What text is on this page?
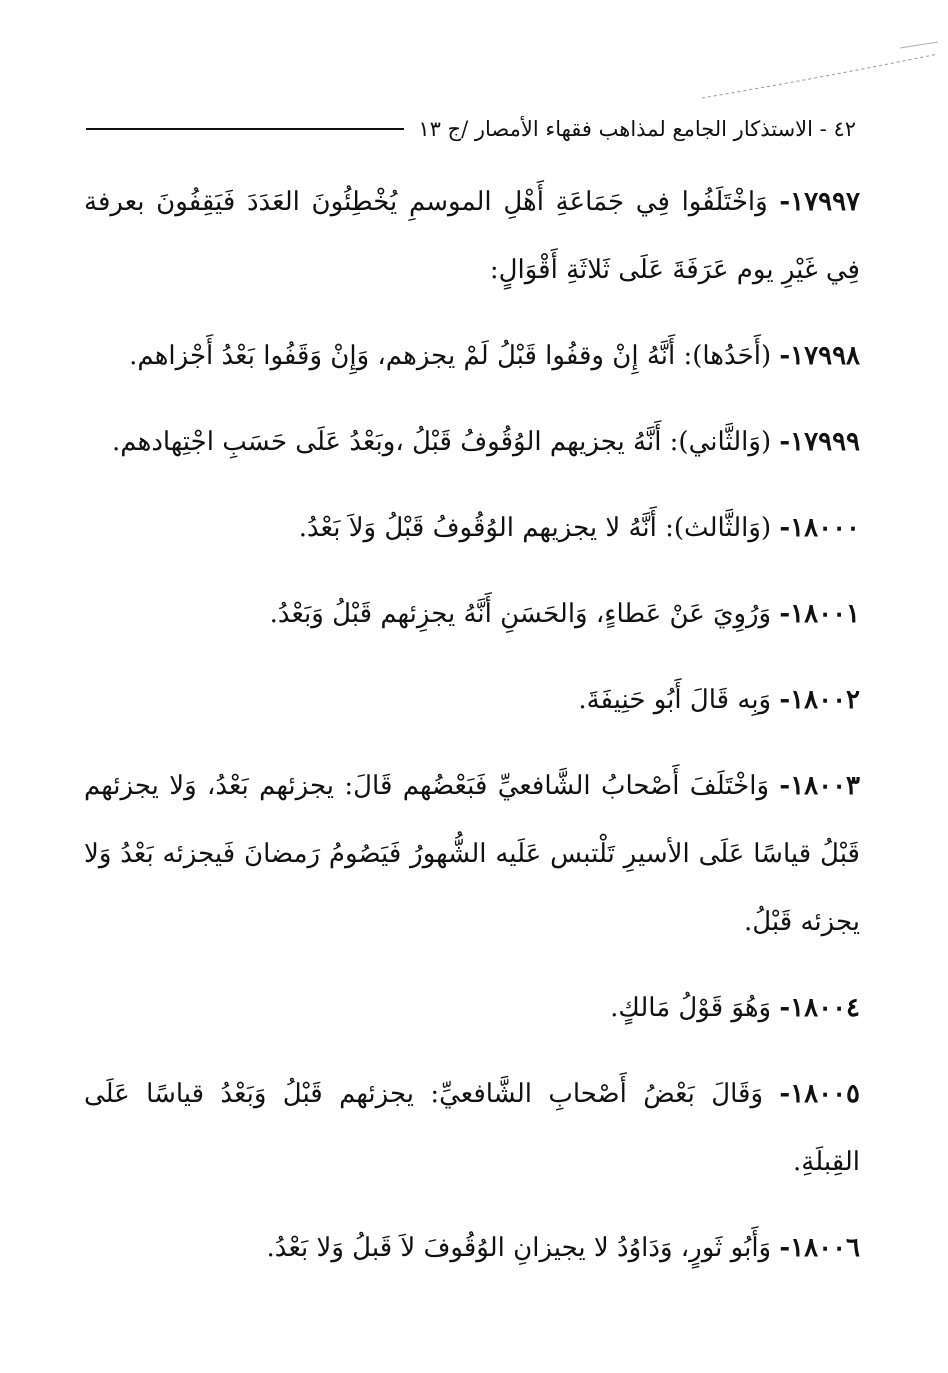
٤٢ - الاستذكار الجامع لمذاهب فقهاء الأمصار /ج ١٣

١٧٩٩٧- وَاخْتَلَفُوا فِي جَمَاعَةِ أَهْلِ الموسمِ يُخْطِئُونَ العَدَدَ فَيَقِفُونَ بعرفة فِي غَيْرِ يوم عَرَفَةَ عَلَى ثَلاثَةِ أَقْوَالٍ:

١٧٩٩٨- (أَحَدُها): أَنَّهُ إِنْ وقفُوا قَبْلُ لَمْ يجزهم، وَإِنْ وَقَفُوا بَعْدُ أَجْزاهم.

١٧٩٩٩- (وَالثَّاني): أَنَّهُ يجزيهم الوُقُوفُ قَبْلُ ،وبَعْدُ عَلَى حَسَبِ اجْتِهادهم.

١٨٠٠٠- (وَالثَّالث): أَنَّهُ لا يجزيهم الوُقُوفُ قَبْلُ وَلاَ بَعْدُ.

١٨٠٠١- وَرُوِيَ عَنْ عَطاءٍ، وَالحَسَنِ أَنَّهُ يجزِئهم قَبْلُ وَبَعْدُ.

١٨٠٠٢- وَبِه قَالَ أَبُو حَنِيفَةَ.

١٨٠٠٣- وَاخْتَلَفَ أَصْحابُ الشَّافعيِّ فَبَعْضُهم قَالَ: يجزئهم بَعْدُ، وَلا يجزئهم قَبْلُ قياسًا عَلَى الأسيرِ تَلْتبس عَلَيه الشُّهورُ فَيَصُومُ رَمضانَ فَيجزئه بَعْدُ وَلا يجزئه قَبْلُ.

١٨٠٠٤- وَهُوَ قَوْلُ مَالكٍ.

١٨٠٠٥- وَقَالَ بَعْضُ أَصْحابِ الشَّافعيِّ: يجزئهم قَبْلُ وَبَعْدُ قياسًا عَلَى القِبلَةِ.

١٨٠٠٦- وَأَبُو ثَورٍ، وَدَاوُدُ لا يجيزانِ الوُقُوفَ لاَ قَبلُ وَلا بَعْدُ.
